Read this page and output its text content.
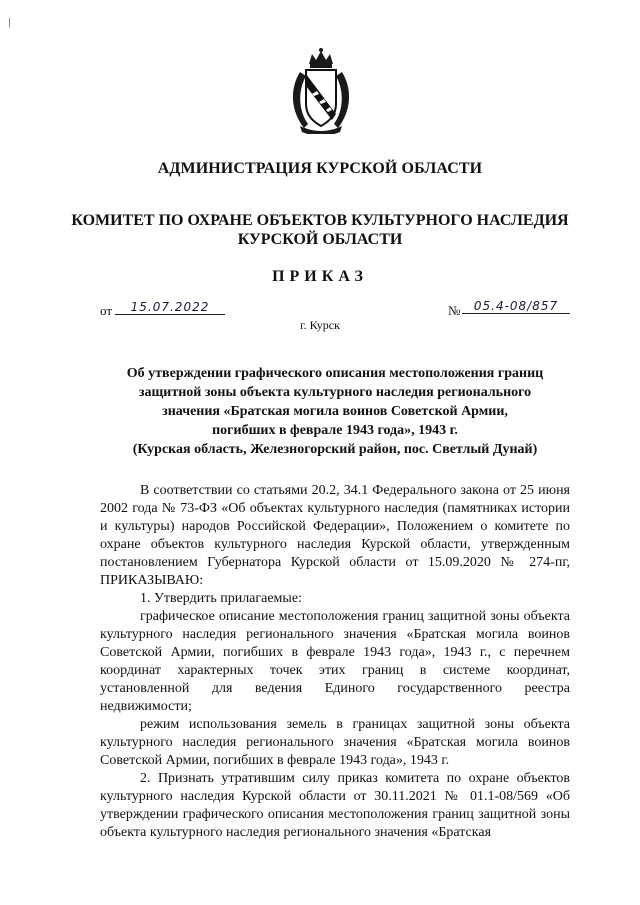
АДМИНИСТРАЦИЯ КУРСКОЙ ОБЛАСТИ
КОМИТЕТ ПО ОХРАНЕ ОБЪЕКТОВ КУЛЬТУРНОГО НАСЛЕДИЯ
КУРСКОЙ ОБЛАСТИ
ПРИКАЗ
от	15.07.2022	№	05.4-08/857
г. Курск
Об утверждении графического описания местоположения границ
защитной зоны объекта культурного наследия регионального
значения «Братская могила воинов Советской Армии,
погибших в феврале 1943 года», 1943 г.
(Курская область, Железногорский район, пос. Светлый Дунай)

В соответствии со статьями 20.2, 34.1 Федерального закона от 25 июня 2002 года № 73-ФЗ «Об объектах культурного наследия (памятниках истории и культуры) народов Российской Федерации», Положением о комитете по охране объектов культурного наследия Курской области, утвержденным постановлением Губернатора Курской области от 15.09.2020 № 274-пг, ПРИКАЗЫВАЮ:

1. Утвердить прилагаемые:

графическое описание местоположения границ защитной зоны объекта культурного наследия регионального значения «Братская могила воинов Советской Армии, погибших в феврале 1943 года», 1943 г., с перечнем координат характерных точек этих границ в системе координат, установленной для ведения Единого государственного реестра недвижимости;

режим использования земель в границах защитной зоны объекта культурного наследия регионального значения «Братская могила воинов Советской Армии, погибших в феврале 1943 года», 1943 г.

2. Признать утратившим силу приказ комитета по охране объектов культурного наследия Курской области от 30.11.2021 № 01.1-08/569 «Об утверждении графического описания местоположения границ защитной зоны объекта культурного наследия регионального значения «Братская
